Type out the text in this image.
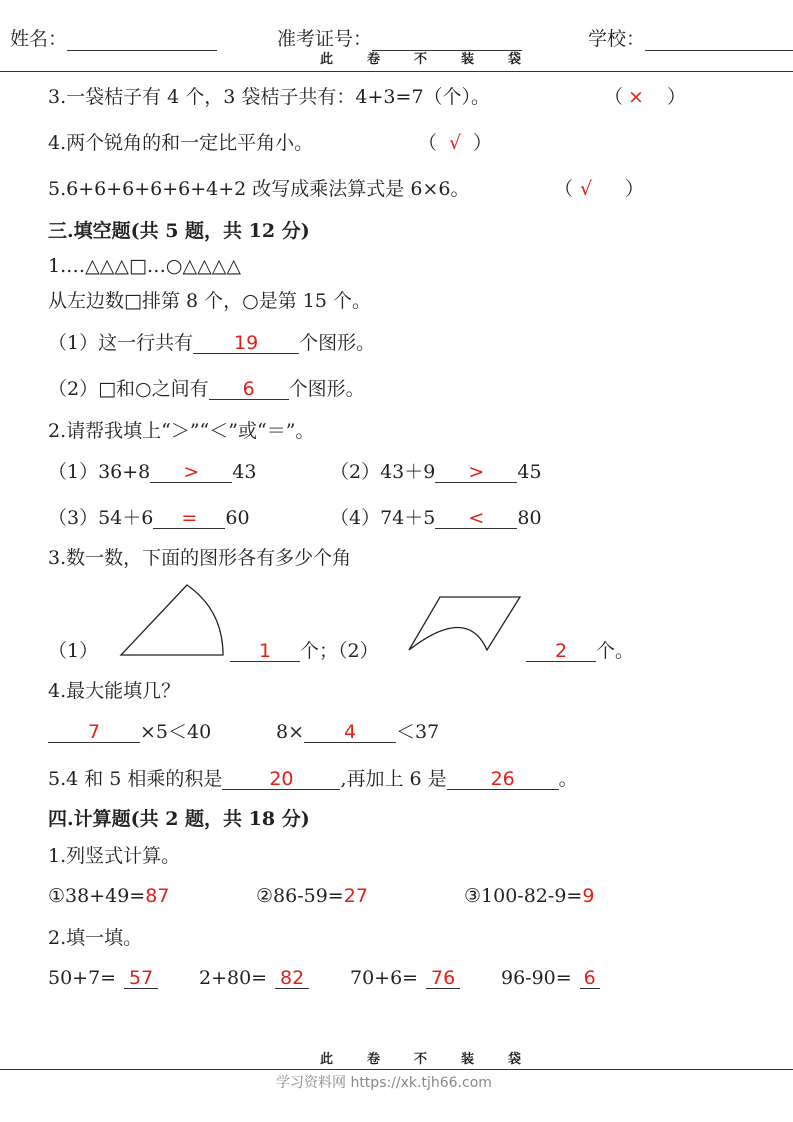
姓名：	准考证号：	学校：
此	卷	不	装	袋
3.一袋桔子有 4 个，3 袋桔子共有：4+3=7（个）。	（ × ）
4.两个锐角的和一定比平角小。	（ √ ）
5.6+6+6+6+6+4+2 改写成乘法算式是 6×6。	（ √ ）
三.填空题(共 5 题，共 12 分)
1.…△△△□…○△△△△
从左边数□排第 8 个，○是第 15 个。
（1）这一行共有 19 个图形。
（2）□和○之间有 6 个图形。
2.请帮我填上“＞”“＜”或“＝”。
（1）36+8 > 43	（2）43＋9 > 45
（3）54＋6 = 60	（4）74＋5 < 80
3.数一数，下面的图形各有多少个角
（1）	1 个；（2）	2 个。
4.最大能填几？
7 ×5＜40	8× 4 ＜37
5.4 和 5 相乘的积是 20 ,再加上 6 是 26 。
四.计算题(共 2 题，共 18 分)
1.列竖式计算。
①38+49=87	②86-59=27	③100-82-9=9
2.填一填。
50+7= 57 2+80= 82 70+6= 76 96-90= 6
此	卷	不	装	袋
学习资料网 https://xk.tjh66.com
